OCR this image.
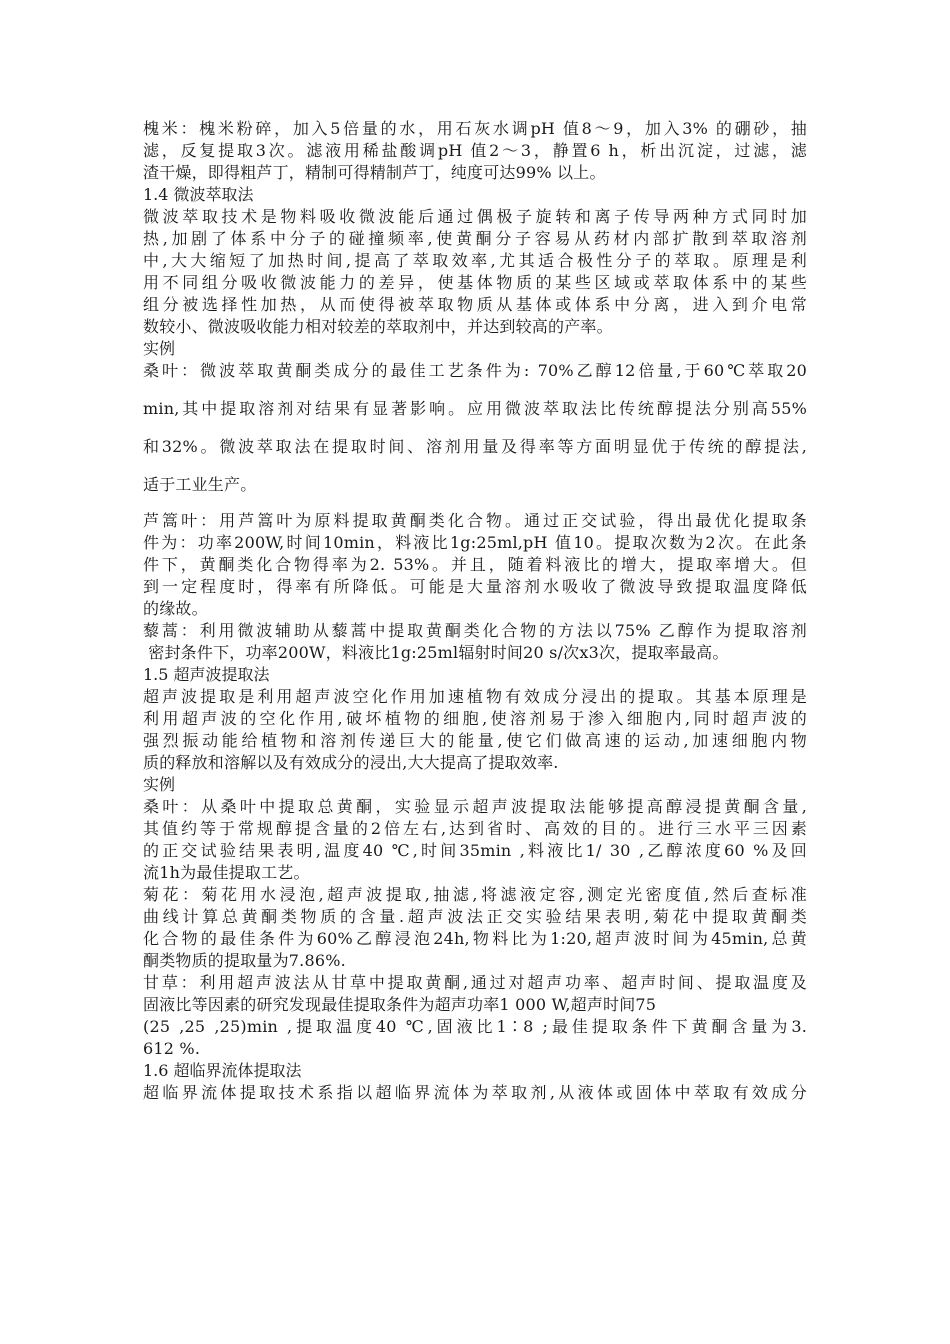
槐米：槐米粉碎，加入5倍量的水，用石灰水调pH 值8～9，加入3% 的硼砂，抽
滤，反复提取3次。滤液用稀盐酸调pH 值2～3，静置6 h，析出沉淀，过滤，滤
渣干燥，即得粗芦丁，精制可得精制芦丁，纯度可达99% 以上。
1.4 微波萃取法
微波萃取技术是物料吸收微波能后通过偶极子旋转和离子传导两种方式同时加
热,加剧了体系中分子的碰撞频率,使黄酮分子容易从药材内部扩散到萃取溶剂
中,大大缩短了加热时间,提高了萃取效率,尤其适合极性分子的萃取。原理是利
用不同组分吸收微波能力的差异，使基体物质的某些区域或萃取体系中的某些
组分被选择性加热，从而使得被萃取物质从基体或体系中分离，进入到介电常
数较小、微波吸收能力相对较差的萃取剂中，并达到较高的产率。
实例
桑叶：微波萃取黄酮类成分的最佳工艺条件为: 70%乙醇12倍量,于60℃萃取20
min,其中提取溶剂对结果有显著影响。应用微波萃取法比传统醇提法分别高55%
和32%。微波萃取法在提取时间、溶剂用量及得率等方面明显优于传统的醇提法,
适于工业生产。
芦篙叶：用芦篙叶为原料提取黄酮类化合物。通过正交试验，得出最优化提取条
件为：功率200W,时间10min，料液比1g:25ml,pH 值10。提取次数为2次。在此条
件下，黄酮类化合物得率为2. 53%。并且，随着料液比的增大，提取率增大。但
到一定程度时，得率有所降低。可能是大量溶剂水吸收了微波导致提取温度降低
的缘故。
藜蒿：利用微波辅助从藜蒿中提取黄酮类化合物的方法以75% 乙醇作为提取溶剂
密封条件下，功率200W，料液比1g:25ml辐射时间20 s/次x3次，提取率最高。
1.5 超声波提取法
超声波提取是利用超声波空化作用加速植物有效成分浸出的提取。其基本原理是
利用超声波的空化作用,破坏植物的细胞,使溶剂易于渗入细胞内,同时超声波的
强烈振动能给植物和溶剂传递巨大的能量,使它们做高速的运动,加速细胞内物
质的释放和溶解以及有效成分的浸出,大大提高了提取效率.
实例
桑叶：从桑叶中提取总黄酮，实验显示超声波提取法能够提高醇浸提黄酮含量,
其值约等于常规醇提含量的2倍左右,达到省时、高效的目的。进行三水平三因素
的正交试验结果表明,温度40 ℃,时间35min ,料液比1/ 30 ,乙醇浓度60 %及回
流1h为最佳提取工艺。
菊花：菊花用水浸泡,超声波提取,抽滤,将滤液定容,测定光密度值,然后查标准
曲线计算总黄酮类物质的含量.超声波法正交实验结果表明,菊花中提取黄酮类
化合物的最佳条件为60%乙醇浸泡24h,物料比为1:20,超声波时间为45min,总黄
酮类物质的提取量为7.86%.
甘草：利用超声波法从甘草中提取黄酮,通过对超声功率、超声时间、提取温度及
固液比等因素的研究发现最佳提取条件为超声功率1 000 W,超声时间75
(25 ,25 ,25)min ,提取温度40 ℃,固液比1∶8 ;最佳提取条件下黄酮含量为3.
612 %.
1.6 超临界流体提取法
超临界流体提取技术系指以超临界流体为萃取剂,从液体或固体中萃取有效成分
